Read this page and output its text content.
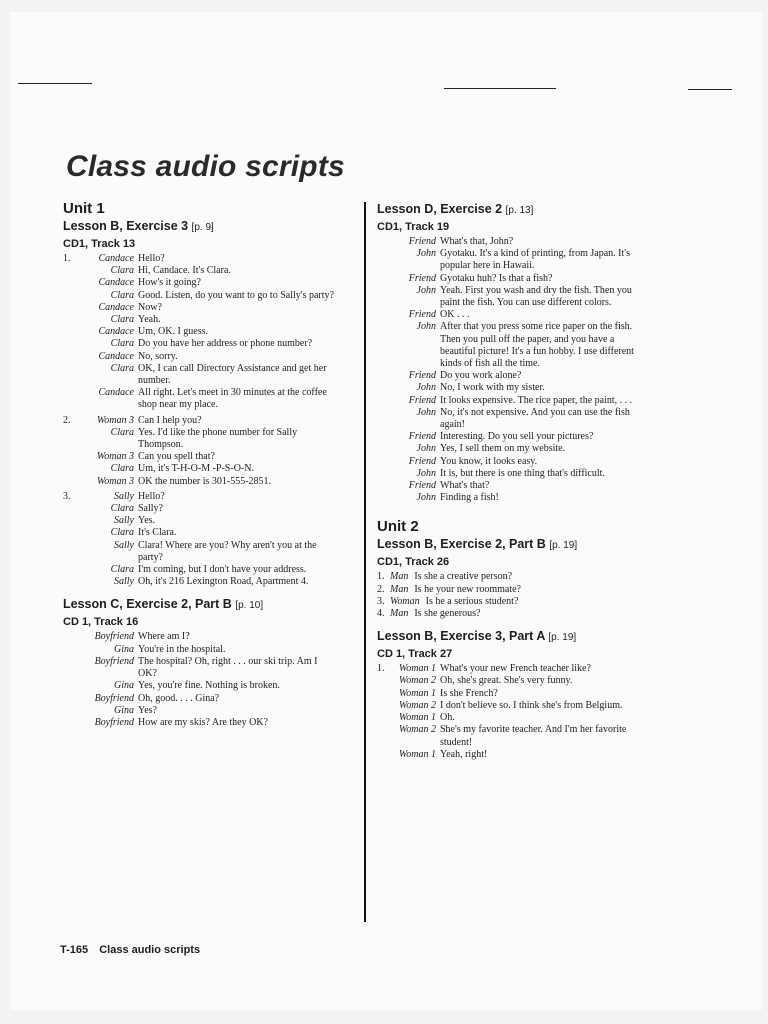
Class audio scripts
Unit 1
Lesson B, Exercise 3 [p. 9]
CD1, Track 13
1.	Candace Hello?
Clara Hi, Candace. It's Clara.
Candace How's it going?
Clara Good. Listen, do you want to go to Sally's party?
Candace Now?
Clara Yeah.
Candace Um, OK. I guess.
Clara Do you have her address or phone number?
Candace No, sorry.
Clara OK, I can call Directory Assistance and get her number.
Candace All right. Let's meet in 30 minutes at the coffee shop near my place.
2.	Woman 3 Can I help you?
Clara Yes. I'd like the phone number for Sally Thompson.
Woman 3 Can you spell that?
Clara Um, it's T-H-O-M -P-S-O-N.
Woman 3 OK the number is 301-555-2851.
3.	Sally Hello?
Clara Sally?
Sally Yes.
Clara It's Clara.
Sally Clara! Where are you? Why aren't you at the party?
Clara I'm coming, but I don't have your address.
Sally Oh, it's 216 Lexington Road, Apartment 4.
Lesson C, Exercise 2, Part B [p. 10]
CD 1, Track 16
Boyfriend Where am I?
Gina You're in the hospital.
Boyfriend The hospital? Oh, right . . . our ski trip. Am I OK?
Gina Yes, you're fine. Nothing is broken.
Boyfriend Oh, good. . . . Gina?
Gina Yes?
Boyfriend How are my skis? Are they OK?
Lesson D, Exercise 2 [p. 13]
CD1, Track 19
Friend What's that, John?
John Gyotaku. It's a kind of printing, from Japan. It's popular here in Hawaii.
Friend Gyotaku huh? Is that a fish?
John Yeah. First you wash and dry the fish. Then you paint the fish. You can use different colors.
Friend OK . . .
John After that you press some rice paper on the fish. Then you pull off the paper, and you have a beautiful picture! It's a fun hobby. I use different kinds of fish all the time.
Friend Do you work alone?
John No, I work with my sister.
Friend It looks expensive. The rice paper, the paint, . . .
John No, it's not expensive. And you can use the fish again!
Friend Interesting. Do you sell your pictures?
John Yes, I sell them on my website.
Friend You know, it looks easy.
John It is, but there is one thing that's difficult.
Friend What's that?
John Finding a fish!
Unit 2
Lesson B, Exercise 2, Part B [p. 19]
CD1, Track 26
1. Man Is she a creative person?
2. Man Is he your new roommate?
3. Woman Is he a serious student?
4. Man Is she generous?
Lesson B, Exercise 3, Part A [p. 19]
CD 1, Track 27
1.	Woman 1 What's your new French teacher like?
Woman 2 Oh, she's great. She's very funny.
Woman 1 Is she French?
Woman 2 I don't believe so. I think she's from Belgium.
Woman 1 Oh.
Woman 2 She's my favorite teacher. And I'm her favorite student!
Woman 1 Yeah, right!
T-165 Class audio scripts
